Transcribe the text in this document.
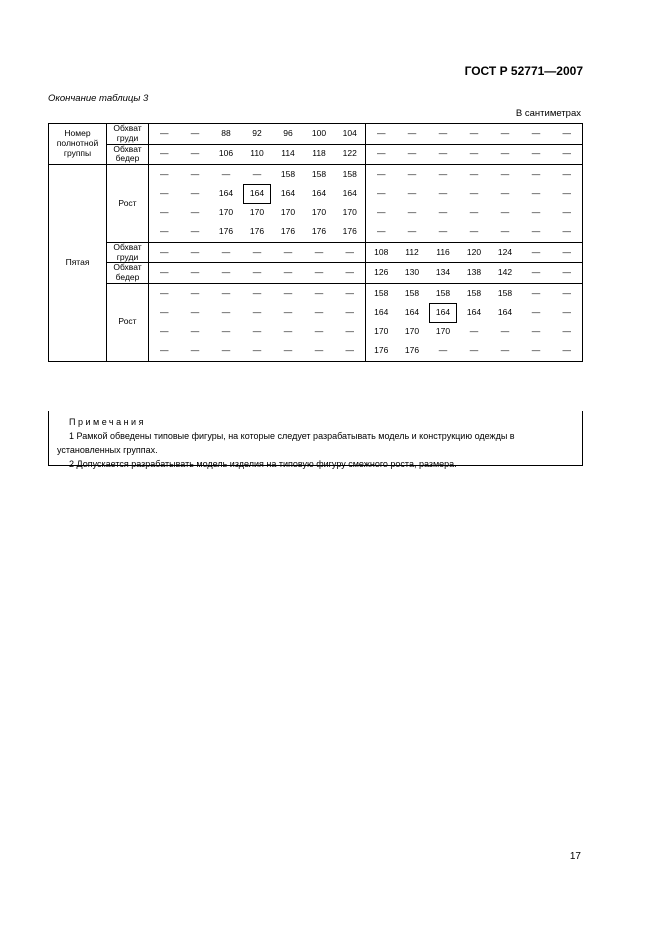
ГОСТ Р 52771—2007
Окончание таблицы 3
В сантиметрах
Номер полнотной группы	Обхват груди	—	—	88	92	96	100	104	—	—	—	—	—	—	—
	Обхват бедер	—	—	106	110	114	118	122	—	—	—	—	—	—	—
Пятая	Рост	—	—	—	—	158	158	158	—	—	—	—	—	—	—
		—	—	164	164	164	164	164	—	—	—	—	—	—	—
		—	—	170	170	170	170	170	—	—	—	—	—	—	—
		—	—	176	176	176	176	176	—	—	—	—	—	—	—
	Обхват груди	—	—	—	—	—	—	—	108	112	116	120	124	—	—
	Обхват бедер	—	—	—	—	—	—	—	126	130	134	138	142	—	—
	Рост	—	—	—	—	—	—	—	158	158	158	158	158	—	—
		—	—	—	—	—	—	—	164	164	164	164	164	—	—
		—	—	—	—	—	—	—	170	170	170	—	—	—	—
		—	—	—	—	—	—	—	176	176	—	—	—	—	—
Примечания
1 Рамкой обведены типовые фигуры, на которые следует разрабатывать модель и конструкцию одежды в установленных группах.
2 Допускается разрабатывать модель изделия на типовую фигуру смежного роста, размера.
17
